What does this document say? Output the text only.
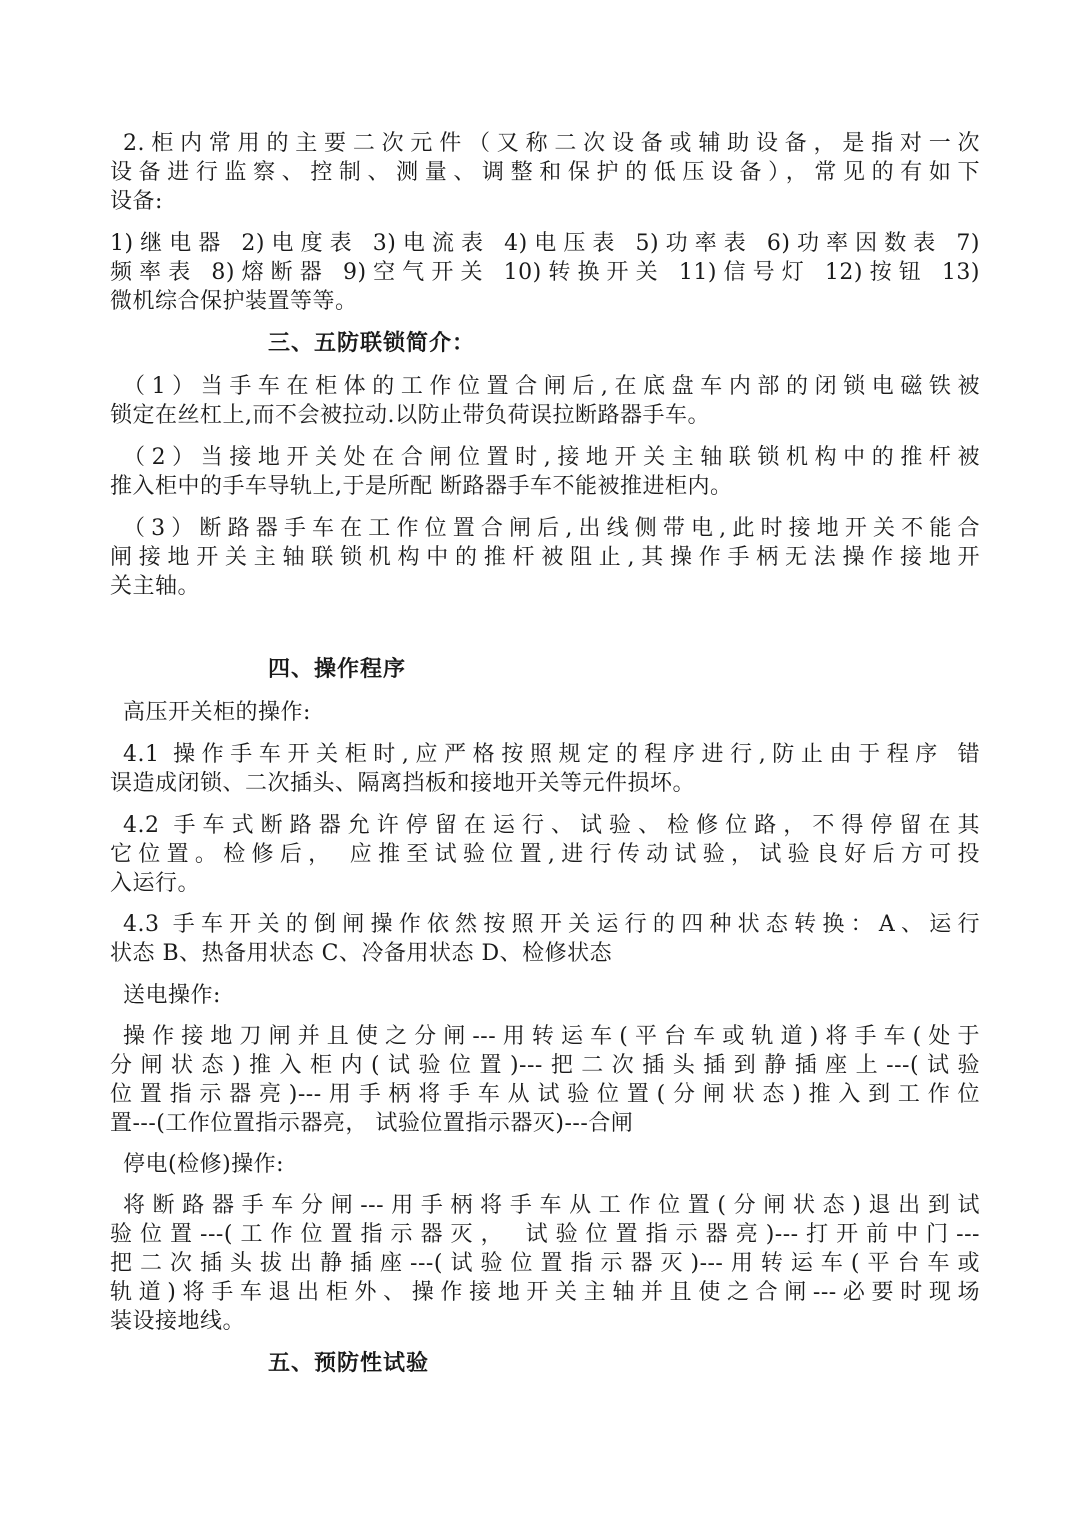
2.柜内常用的主要二次元件（又称二次设备或辅助设备，是指对一次
设备进行监察、控制、测量、调整和保护的低压设备），常见的有如下
设备:
1)继电器 2)电度表 3)电流表 4)电压表 5)功率表 6)功率因数表 7)
频率表 8)熔断器 9)空气开关 10)转换开关 11)信号灯 12)按钮 13)
微机综合保护装置等等。
三、五防联锁简介：
（1）当手车在柜体的工作位置合闸后,在底盘车内部的闭锁电磁铁被
锁定在丝杠上,而不会被拉动.以防止带负荷误拉断路器手车。
（2）当接地开关处在合闸位置时,接地开关主轴联锁机构中的推杆被
推入柜中的手车导轨上,于是所配 断路器手车不能被推进柜内。
（3）断路器手车在工作位置合闸后,出线侧带电,此时接地开关不能合
闸接地开关主轴联锁机构中的推杆被阻止,其操作手柄无法操作接地开
关主轴。
四、操作程序
高压开关柜的操作:
4.1 操作手车开关柜时,应严格按照规定的程序进行,防止由于程序 错
误造成闭锁、二次插头、隔离挡板和接地开关等元件损坏。
4.2 手车式断路器允许停留在运行、试验、检修位路，不得停留在其
它位置。检修后， 应推至试验位置,进行传动试验，试验良好后方可投
入运行。
4.3 手车开关的倒闸操作依然按照开关运行的四种状态转换：A、运行
状态 B、热备用状态 C、冷备用状态 D、检修状态
送电操作:
操作接地刀闸并且使之分闸---用转运车(平台车或轨道)将手车(处于
分闸状态)推入柜内(试验位置)---把二次插头插到静插座上---(试验
位置指示器亮)---用手柄将手车从试验位置(分闸状态)推入到工作位
置---(工作位置指示器亮， 试验位置指示器灭)---合闸
停电(检修)操作:
将断路器手车分闸---用手柄将手车从工作位置(分闸状态)退出到试
验位置---(工作位置指示器灭， 试验位置指示器亮)---打开前中门---
把二次插头拔出静插座---(试验位置指示器灭)---用转运车(平台车或
轨道)将手车退出柜外、操作接地开关主轴并且使之合闸---必要时现场
装设接地线。
五、预防性试验
